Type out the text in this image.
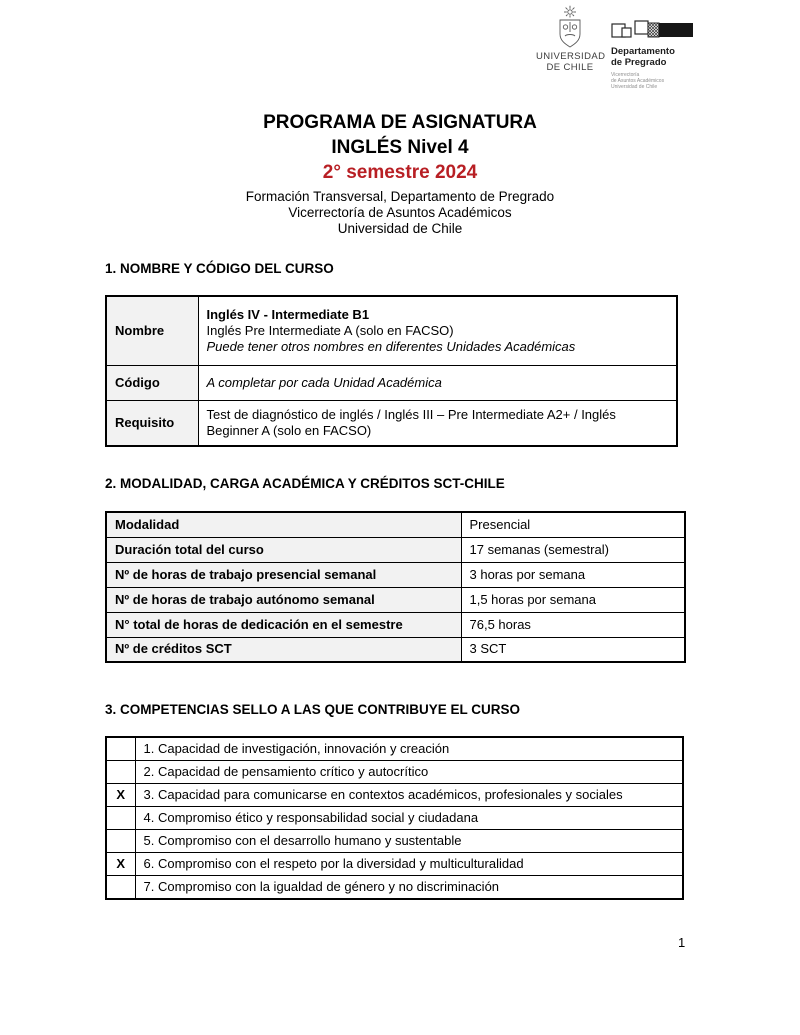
UNIVERSIDAD
DE CHILE
Departamento
de Pregrado
Vicerrectoría
de Asuntos Académicos
Universidad de Chile
PROGRAMA DE ASIGNATURA
INGLÉS Nivel 4
2° semestre 2024
Formación Transversal, Departamento de Pregrado
Vicerrectoría de Asuntos Académicos
Universidad de Chile
1. NOMBRE Y CÓDIGO DEL CURSO
Nombre	Inglés IV - Intermediate B1
Inglés Pre Intermediate A (solo en FACSO)
Puede tener otros nombres en diferentes Unidades Académicas

Código	A completar por cada Unidad Académica
Requisito	Test de diagnóstico de inglés / Inglés III – Pre Intermediate A2+ / Inglés Beginner A (solo en FACSO)
2. MODALIDAD, CARGA ACADÉMICA Y CRÉDITOS SCT-CHILE
Modalidad	Presencial
Duración total del curso	17 semanas (semestral)
Nº de horas de trabajo presencial semanal	3 horas por semana
Nº de horas de trabajo autónomo semanal	1,5 horas por semana
N° total de horas de dedicación en el semestre	76,5 horas
Nº de créditos SCT	3 SCT
3. COMPETENCIAS SELLO A LAS QUE CONTRIBUYE EL CURSO
	1. Capacidad de investigación, innovación y creación
	2. Capacidad de pensamiento crítico y autocrítico
X	3. Capacidad para comunicarse en contextos académicos, profesionales y sociales
	4. Compromiso ético y responsabilidad social y ciudadana
	5. Compromiso con el desarrollo humano y sustentable
X	6. Compromiso con el respeto por la diversidad y multiculturalidad
	7. Compromiso con la igualdad de género y no discriminación
1
